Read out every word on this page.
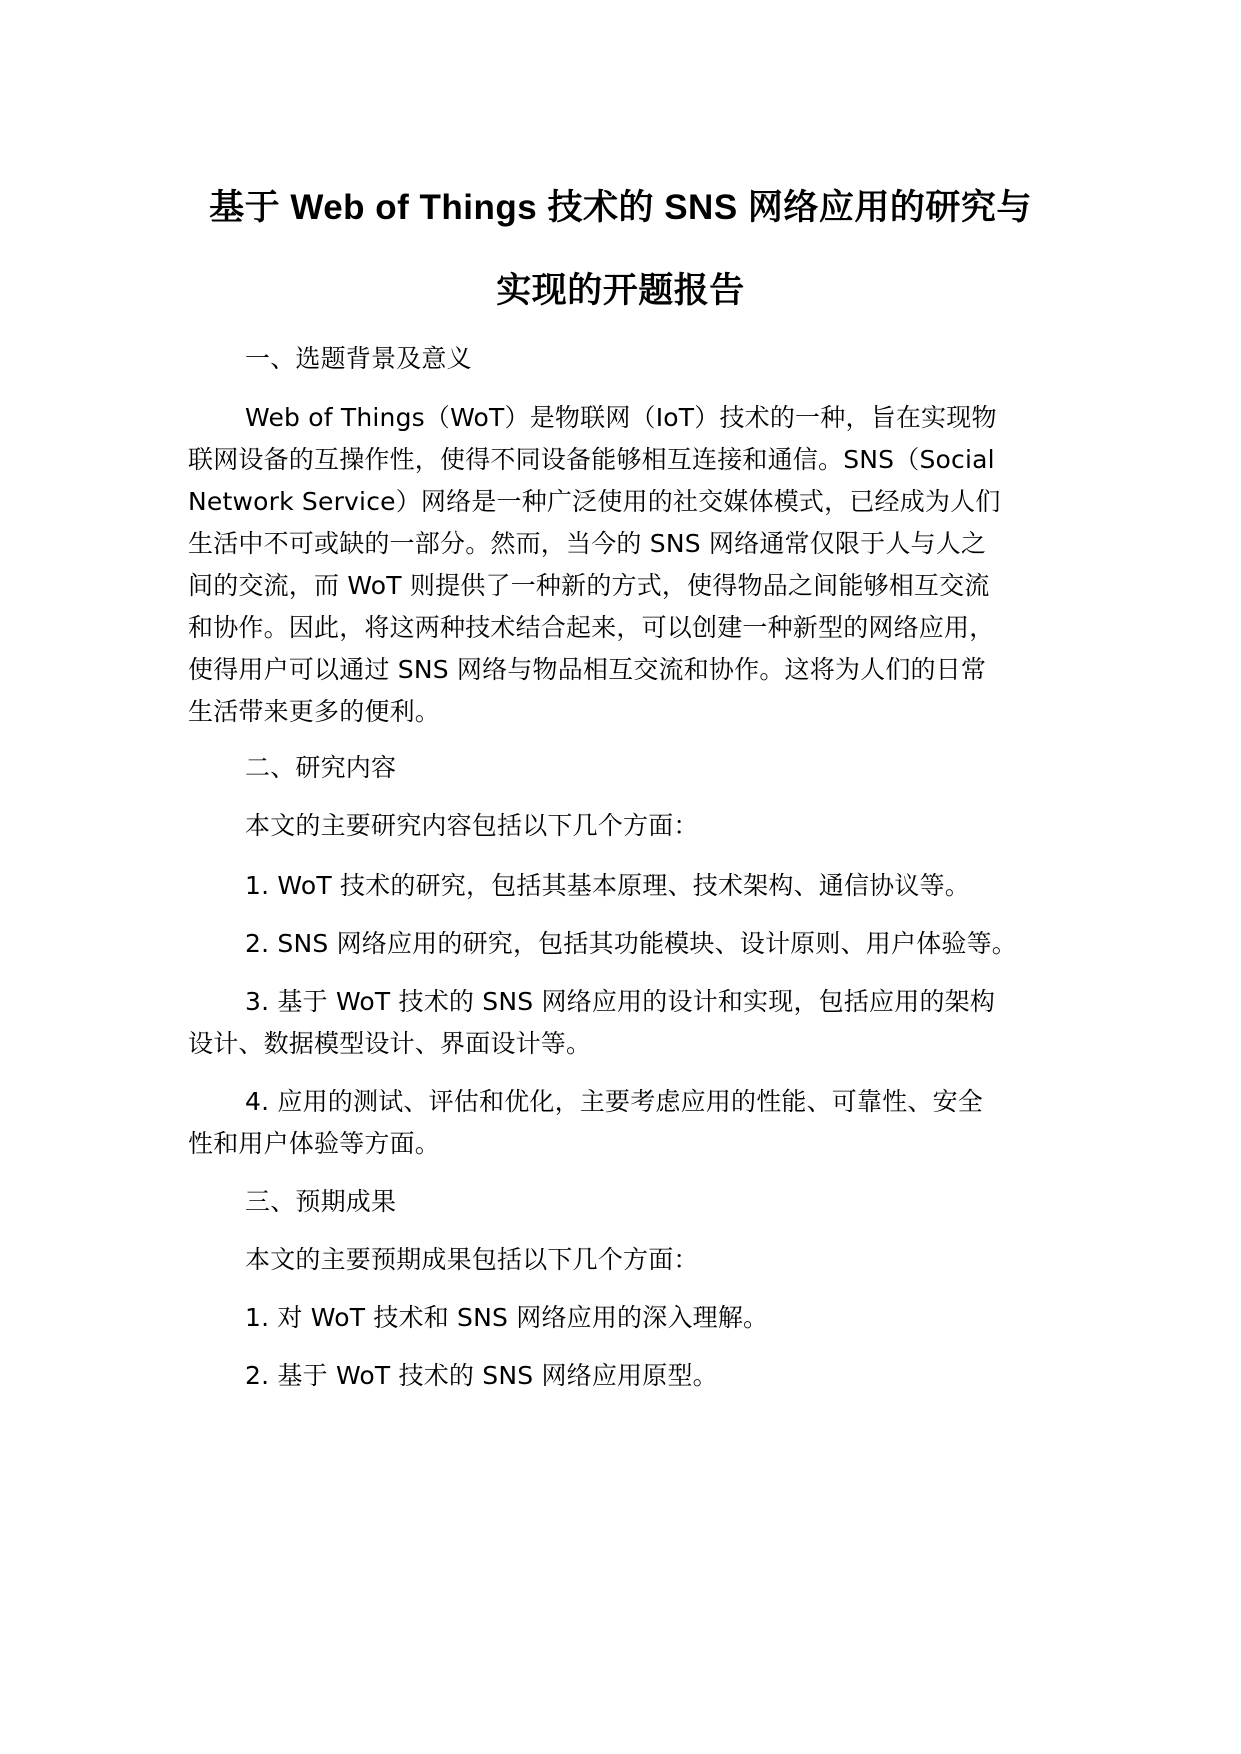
基于 Web of Things 技术的 SNS 网络应用的研究与
实现的开题报告
一、选题背景及意义
Web of Things（WoT）是物联网（IoT）技术的一种，旨在实现物
联网设备的互操作性，使得不同设备能够相互连接和通信。SNS（Social
Network Service）网络是一种广泛使用的社交媒体模式，已经成为人们
生活中不可或缺的一部分。然而，当今的 SNS 网络通常仅限于人与人之
间的交流，而 WoT 则提供了一种新的方式，使得物品之间能够相互交流
和协作。因此，将这两种技术结合起来，可以创建一种新型的网络应用，
使得用户可以通过 SNS 网络与物品相互交流和协作。这将为人们的日常
生活带来更多的便利。
二、研究内容
本文的主要研究内容包括以下几个方面：
1. WoT 技术的研究，包括其基本原理、技术架构、通信协议等。
2. SNS 网络应用的研究，包括其功能模块、设计原则、用户体验等。
3. 基于 WoT 技术的 SNS 网络应用的设计和实现，包括应用的架构
设计、数据模型设计、界面设计等。
4. 应用的测试、评估和优化，主要考虑应用的性能、可靠性、安全
性和用户体验等方面。
三、预期成果
本文的主要预期成果包括以下几个方面：
1. 对 WoT 技术和 SNS 网络应用的深入理解。
2. 基于 WoT 技术的 SNS 网络应用原型。
